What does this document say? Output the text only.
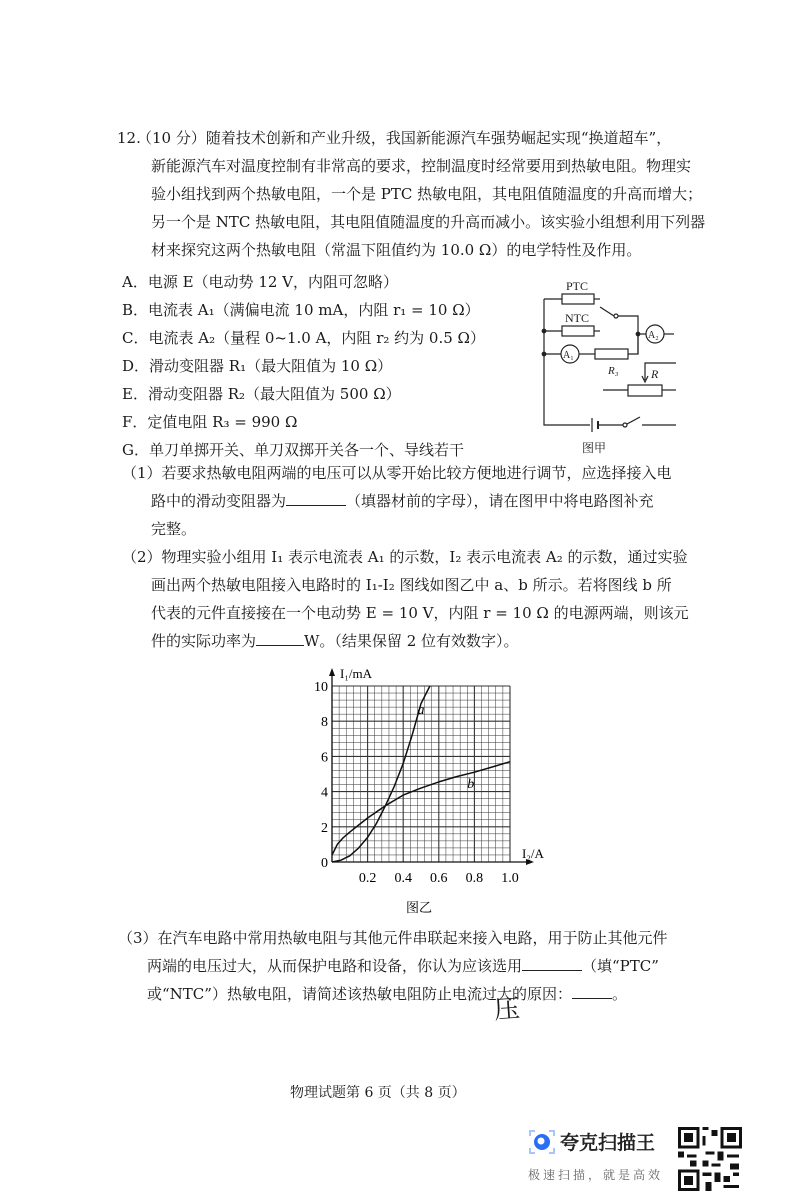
12.
（10 分）随着技术创新和产业升级，我国新能源汽车强势崛起实现“换道超车”，
新能源汽车对温度控制有非常高的要求，控制温度时经常要用到热敏电阻。物理实
验小组找到两个热敏电阻，一个是 PTC 热敏电阻，其电阻值随温度的升高而增大；
另一个是 NTC 热敏电阻，其电阻值随温度的升高而减小。该实验小组想利用下列器
材来探究这两个热敏电阻（常温下阻值约为 10.0 Ω）的电学特性及作用。
A．电源 E（电动势 12 V，内阻可忽略）
B．电流表 A₁（满偏电流 10 mA，内阻 r₁ = 10 Ω）
C．电流表 A₂（量程 0~1.0 A，内阻 r₂ 约为 0.5 Ω）
D．滑动变阻器 R₁（最大阻值为 10 Ω）
E．滑动变阻器 R₂（最大阻值为 500 Ω）
F．定值电阻 R₃ = 990 Ω
G．单刀单掷开关、单刀双掷开关各一个、导线若干
PTC
NTC
A₁
R₃
A₂
R
图甲
（1）若要求热敏电阻两端的电压可以从零开始比较方便地进行调节，应选择接入电
路中的滑动变阻器为	（填器材前的字母），请在图甲中将电路图补充
完整。
（2）物理实验小组用 I₁ 表示电流表 A₁ 的示数，I₂ 表示电流表 A₂ 的示数，通过实验
画出两个热敏电阻接入电路时的 I₁-I₂ 图线如图乙中 a、b 所示。若将图线 b 所
代表的元件直接接在一个电动势 E = 10 V，内阻 r = 10 Ω 的电源两端，则该元
件的实际功率为	W。（结果保留 2 位有效数字）。
0
2
4
6
8
10
0.2 0.4 0.6 0.8 1.0
a
b
I₁/mA
I₂/A
图乙
（3）在汽车电路中常用热敏电阻与其他元件串联起来接入电路，用于防止其他元件
两端的电压过大，从而保护电路和设备，你认为应该选用	（填“PTC”
或“NTC”）热敏电阻，请简述该热敏电阻防止电流过大的原因：	。
压
物理试题第 6 页（共 8 页）
夸克扫描王
极速扫描，就是高效
